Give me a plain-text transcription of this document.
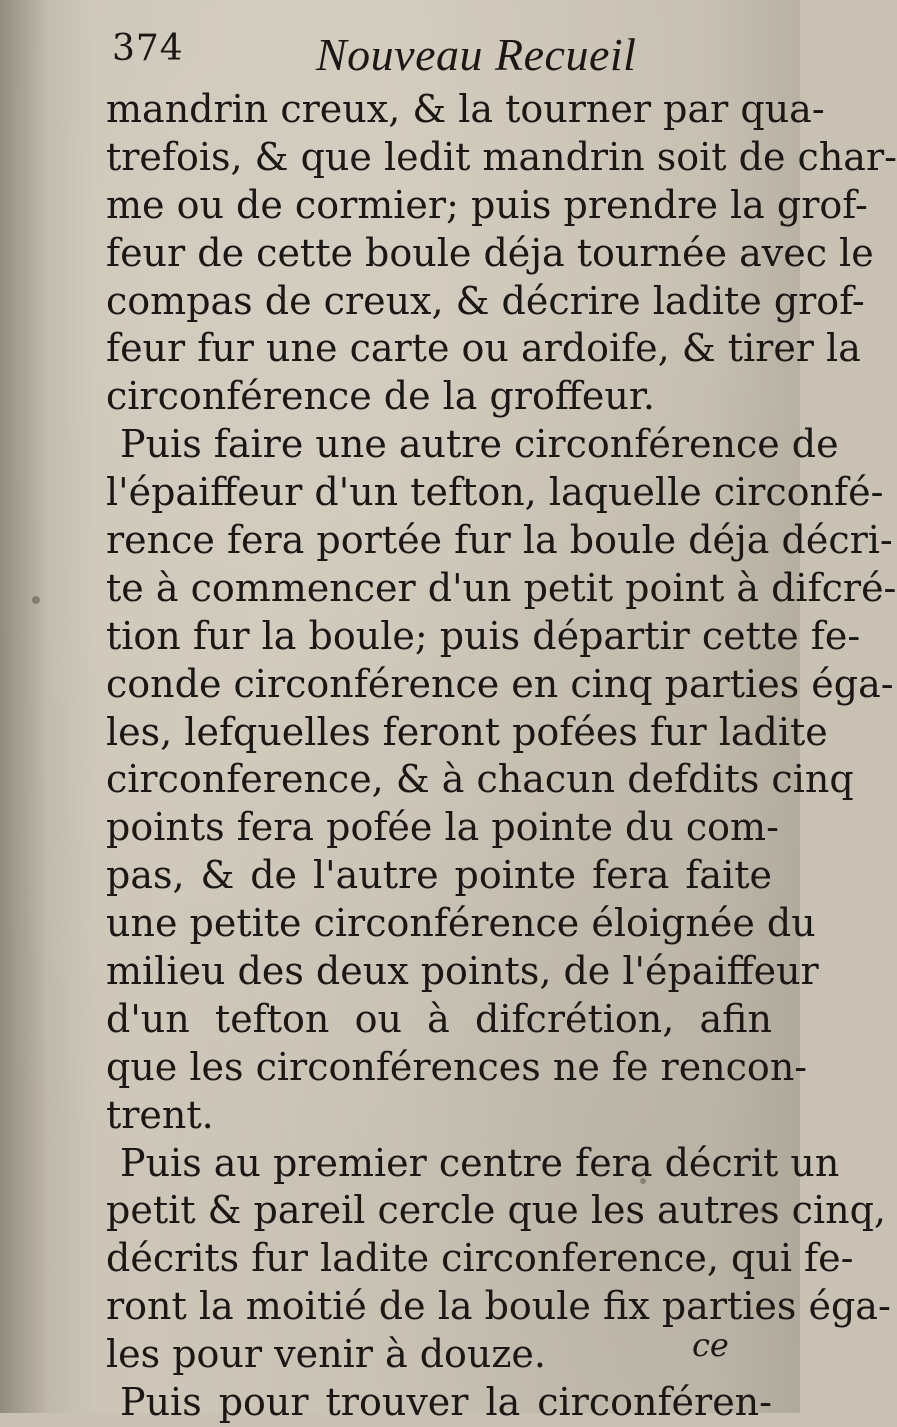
374	Nouveau Recueil
mandrin creux, & la tourner par qua-
trefois, & que ledit mandrin soit de char-
me ou de cormier; puis prendre la grof-
feur de cette boule déja tournée avec le
compas de creux, & décrire ladite grof-
feur fur une carte ou ardoife, & tirer la
circonférence de la groffeur.
Puis faire une autre circonférence de
l'épaiffeur d'un tefton, laquelle circonfé-
rence fera portée fur la boule déja décri-
te à commencer d'un petit point à difcré-
tion fur la boule; puis départir cette fe-
conde circonférence en cinq parties éga-
les, lefquelles feront pofées fur ladite
circonference, & à chacun defdits cinq
points fera pofée la pointe du com-
pas, & de l'autre pointe fera faite
une petite circonférence éloignée du
milieu des deux points, de l'épaiffeur
d'un tefton ou à difcrétion, afin
que les circonférences ne fe rencon-
trent.
Puis au premier centre fera décrit un
petit & pareil cercle que les autres cinq,
décrits fur ladite circonference, qui fe-
ront la moitié de la boule fix parties éga-
les pour venir à douze.
Puis pour trouver la circonféren-
ce
